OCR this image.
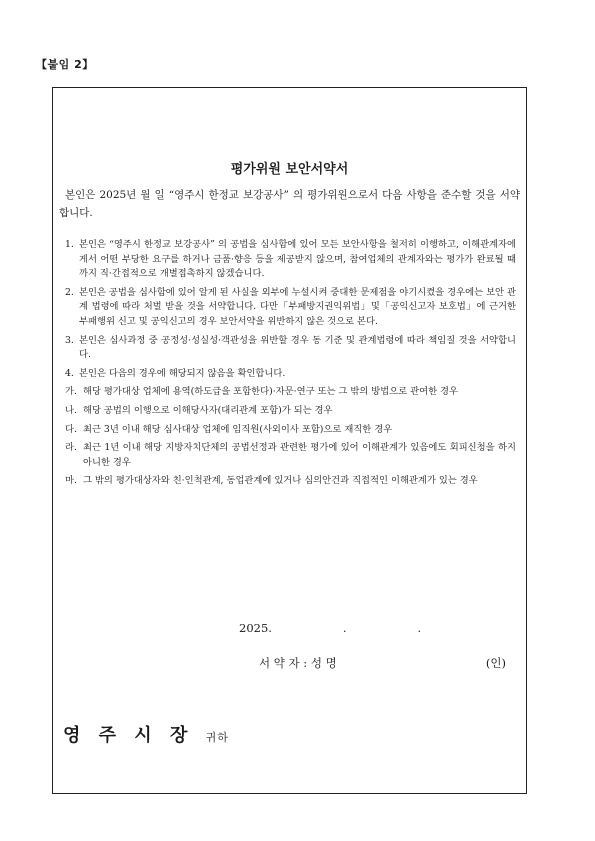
【붙임 2】
평가위원 보안서약서
본인은 2025년 월 일 “영주시 한정교 보강공사” 의 평가위원으로서 다음 사항을 준수할 것을 서약합니다.
1. 본인은 “영주시 한정교 보강공사” 의 공법을 심사함에 있어 모든 보안사항을 철저히 이행하고, 이해관계자에게서 어떤 부당한 요구를 하거나 금품·향응 등을 제공받지 않으며, 참여업체의 관계자와는 평가가 완료될 때까지 직·간접적으로 개별접촉하지 않겠습니다.
2. 본인은 공법을 심사함에 있어 알게 된 사실을 외부에 누설시켜 중대한 문제점을 야기시켰을 경우에는 보안 관계 법령에 따라 처벌 받을 것을 서약합니다. 다만「부패방지권익위법」및「공익신고자 보호법」에 근거한 부패행위 신고 및 공익신고의 경우 보안서약을 위반하지 않은 것으로 본다.
3. 본인은 심사과정 중 공정성·성실성·객관성을 위반할 경우 동 기준 및 관계법령에 따라 책임질 것을 서약합니다.
4. 본인은 다음의 경우에 해당되지 않음을 확인합니다.
가. 해당 평가대상 업체에 용역(하도급을 포함한다)·자문·연구 또는 그 밖의 방법으로 관여한 경우
나. 해당 공법의 이행으로 이해당사자(대리관계 포함)가 되는 경우
다. 최근 3년 이내 해당 심사대상 업체에 임직원(사외이사 포함)으로 재직한 경우
라. 최근 1년 이내 해당 지방자치단체의 공법선정과 관련한 평가에 있어 이해관계가 있음에도 회피신청을 하지 아니한 경우
마. 그 밖의 평가대상자와 친·인척관계, 동업관계에 있거나 심의안건과 직접적인 이해관계가 있는 경우
2025.   .   .
서 약 자 : 성 명	(인)
영 주 시 장 귀하
